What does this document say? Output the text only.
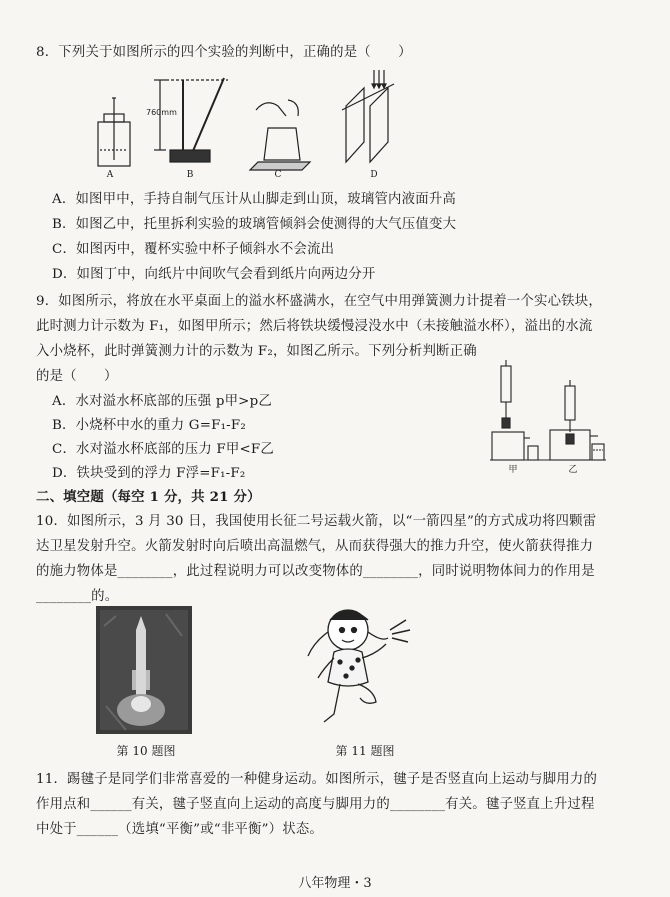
8．下列关于如图所示的四个实验的判断中，正确的是（　　）
760mm
A	B	C	D
A．如图甲中，手持自制气压计从山脚走到山顶，玻璃管内液面升高
B．如图乙中，托里拆利实验的玻璃管倾斜会使测得的大气压值变大
C．如图丙中，覆杯实验中杯子倾斜水不会流出
D．如图丁中，向纸片中间吹气会看到纸片向两边分开
9．如图所示，将放在水平桌面上的溢水杯盛满水，在空气中用弹簧测力计提着一个实心铁块，
此时测力计示数为 F₁，如图甲所示；然后将铁块缓慢浸没水中（未接触溢水杯），溢出的水流
入小烧杯，此时弹簧测力计的示数为 F₂，如图乙所示。下列分析判断正确
的是（　　）
A．水对溢水杯底部的压强 p甲>p乙
B．小烧杯中水的重力 G=F₁-F₂
C．水对溢水杯底部的压力 F甲<F乙
D．铁块受到的浮力 F浮=F₁-F₂	甲	乙
二、填空题（每空 1 分，共 21 分）
10．如图所示，3 月 30 日，我国使用长征二号运载火箭，以“一箭四星”的方式成功将四颗雷
达卫星发射升空。火箭发射时向后喷出高温燃气，从而获得强大的推力升空，使火箭获得推力
的施力物体是________，此过程说明力可以改变物体的________，同时说明物体间力的作用是
________的。
第 10 题图	第 11 题图
11．踢毽子是同学们非常喜爱的一种健身运动。如图所示，毽子是否竖直向上运动与脚用力的
作用点和______有关，毽子竖直向上运动的高度与脚用力的________有关。毽子竖直上升过程
中处于______（选填“平衡”或“非平衡”）状态。
八年物理・3
